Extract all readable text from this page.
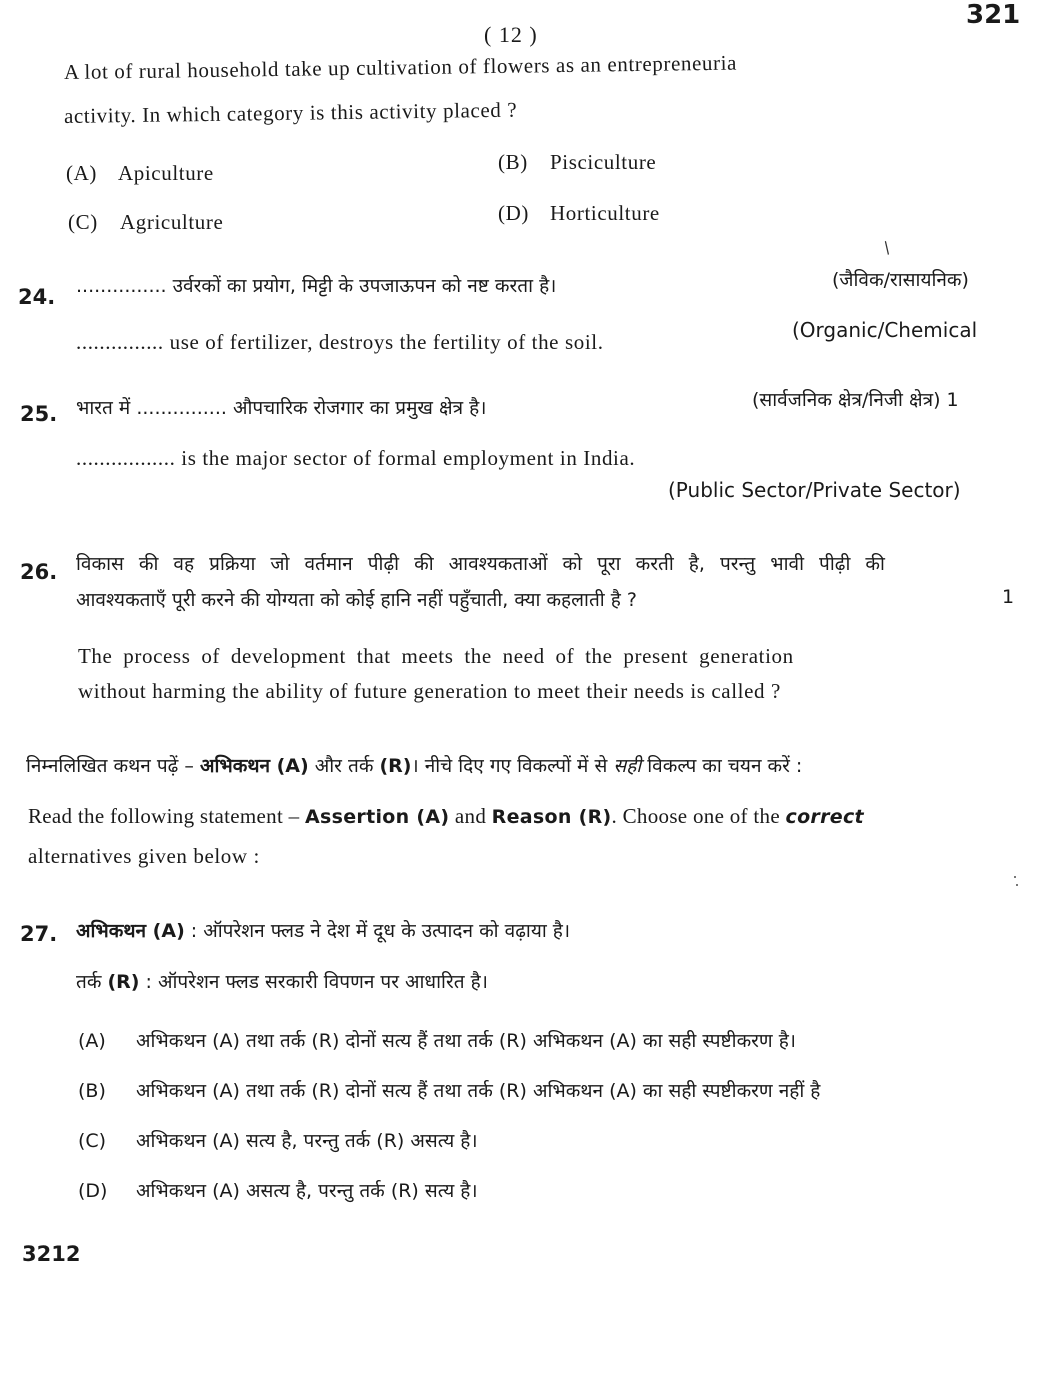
( 12 )
321
A lot of rural household take up cultivation of flowers as an entrepreneuria
activity. In which category is this activity placed ?
(A) Apiculture	(B) Pisciculture
(C) Agriculture	(D) Horticulture
/
24. ............... उर्वरकों का प्रयोग, मिट्टी के उपजाऊपन को नष्ट करता है।	(जैविक/रासायनिक)
............... use of fertilizer, destroys the fertility of the soil.	(Organic/Chemical
25. भारत में ............... औपचारिक रोजगार का प्रमुख क्षेत्र है।	(सार्वजनिक क्षेत्र/निजी क्षेत्र) 1
................. is the major sector of formal employment in India.
(Public Sector/Private Sector)
26. विकास की वह प्रक्रिया जो वर्तमान पीढ़ी की आवश्यकताओं को पूरा करती है, परन्तु भावी पीढ़ी की
आवश्यकताएँ पूरी करने की योग्यता को कोई हानि नहीं पहुँचाती, क्या कहलाती है ?	1
The process of development that meets the need of the present generation
without harming the ability of future generation to meet their needs is called ?
निम्नलिखित कथन पढ़ें – अभिकथन (A) और तर्क (R)। नीचे दिए गए विकल्पों में से सही विकल्प का चयन करें :
Read the following statement – Assertion (A) and Reason (R). Choose one of the correct
alternatives given below :
27. अभिकथन (A) : ऑपरेशन फ्लड ने देश में दूध के उत्पादन को वढ़ाया है।
तर्क (R) : ऑपरेशन फ्लड सरकारी विपणन पर आधारित है।
(A) अभिकथन (A) तथा तर्क (R) दोनों सत्य हैं तथा तर्क (R) अभिकथन (A) का सही स्पष्टीकरण है।
(B) अभिकथन (A) तथा तर्क (R) दोनों सत्य हैं तथा तर्क (R) अभिकथन (A) का सही स्पष्टीकरण नहीं है
(C) अभिकथन (A) सत्य है, परन्तु तर्क (R) असत्य है।
(D) अभिकथन (A) असत्य है, परन्तु तर्क (R) सत्य है।
3212
